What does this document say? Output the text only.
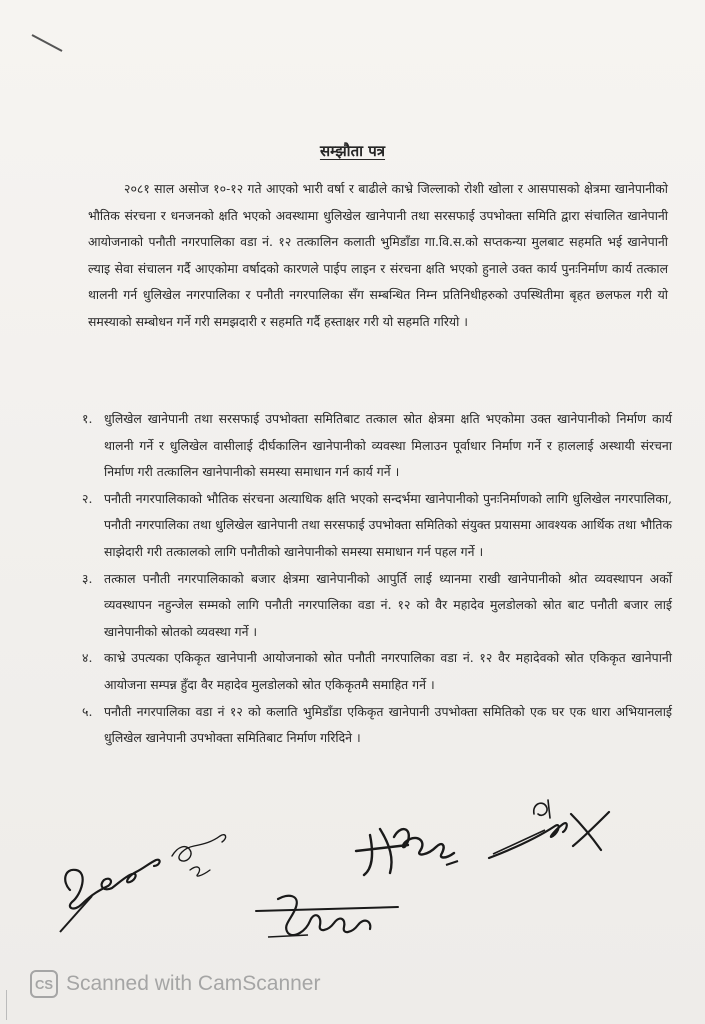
सम्झौता पत्र

२०८१ साल असोज १०-१२ गते आएको भारी वर्षा र बाढीले काभ्रे जिल्लाको रोशी खोला र आसपासको क्षेत्रमा खानेपानीको भौतिक संरचना र धनजनको क्षति भएको अवस्थामा धुलिखेल खानेपानी तथा सरसफाई उपभोक्ता समिति द्वारा संचालित खानेपानी आयोजनाको पनौती नगरपालिका वडा नं. १२ तत्कालिन कलाती भुमिडाँडा गा.वि.स.को सप्तकन्या मुलबाट सहमति भई खानेपानी ल्याइ सेवा संचालन गर्दै आएकोमा वर्षादको कारणले पाईप लाइन र संरचना क्षति भएको हुनाले उक्त कार्य पुनःनिर्माण कार्य तत्काल थालनी गर्न धुलिखेल नगरपालिका र पनौती नगरपालिका सँग सम्बन्धित निम्न प्रतिनिधीहरुको उपस्थितीमा बृहत छलफल गरी यो समस्याको सम्बोधन गर्ने गरी समझदारी र सहमति गर्दै हस्ताक्षर गरी यो सहमति गरियो ।

१. धुलिखेल खानेपानी तथा सरसफाई उपभोक्ता समितिबाट तत्काल स्रोत क्षेत्रमा क्षति भएकोमा उक्त खानेपानीको निर्माण कार्य थालनी गर्ने र धुलिखेल वासीलाई दीर्घकालिन खानेपानीको व्यवस्था मिलाउन पूर्वाधार निर्माण गर्ने र हाललाई अस्थायी संरचना निर्माण गरी तत्कालिन खानेपानीको समस्या समाधान गर्न कार्य गर्ने ।
२. पनौती नगरपालिकाको भौतिक संरचना अत्याधिक क्षति भएको सन्दर्भमा खानेपानीको पुनःनिर्माणको लागि धुलिखेल नगरपालिका, पनौती नगरपालिका तथा धुलिखेल खानेपानी तथा सरसफाई उपभोक्ता समितिको संयुक्त प्रयासमा आवश्यक आर्थिक तथा भौतिक साझेदारी गरी तत्कालको लागि पनौतीको खानेपानीको समस्या समाधान गर्न पहल गर्ने ।
३. तत्काल पनौती नगरपालिकाको बजार क्षेत्रमा खानेपानीको आपुर्ति लाई ध्यानमा राखी खानेपानीको श्रोत व्यवस्थापन अर्को व्यवस्थापन नहुन्जेल सम्मको लागि पनौती नगरपालिका वडा नं. १२ को वैर महादेव मुलडोलको स्रोत बाट पनौती बजार लाई खानेपानीको स्रोतको व्यवस्था गर्ने ।
४. काभ्रे उपत्यका एकिकृत खानेपानी आयोजनाको स्रोत पनौती नगरपालिका वडा नं. १२ वैर महादेवको स्रोत एकिकृत खानेपानी आयोजना सम्पन्न हुँदा वैर महादेव मुलडोलको स्रोत एकिकृतमै समाहित गर्ने ।
५. पनौती नगरपालिका वडा नं १२ को कलाति भुमिडाँडा एकिकृत खानेपानी उपभोक्ता समितिको एक घर एक धारा अभियानलाई धुलिखेल खानेपानी उपभोक्ता समितिबाट निर्माण गरिदिने ।
CS Scanned with CamScanner
